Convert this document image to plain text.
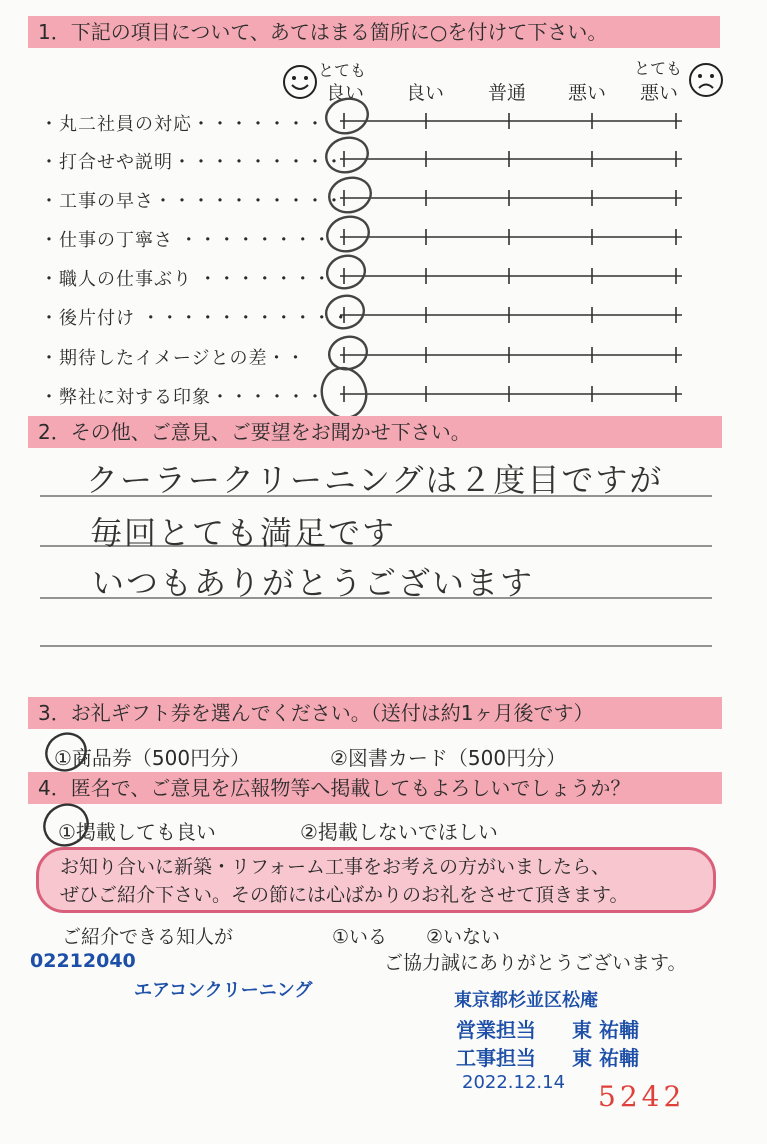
1．下記の項目について、あてはまる箇所に○を付けて下さい。
とても
良い 良い 普通 悪い
とても
悪い
・丸二社員の対応・・・・・・・
・打合せや説明・・・・・・・・・
・工事の早さ・・・・・・・・・・
・仕事の丁寧さ ・・・・・・・・
・職人の仕事ぶり ・・・・・・・
・後片付け ・・・・・・・・・・・
・期待したイメージとの差・・
・弊社に対する印象・・・・・・
2．その他、ご意見、ご要望をお聞かせ下さい。
クーラークリーニングは２度目ですが
毎回とても満足です
いつもありがとうございます
3．お礼ギフト券を選んでください。（送付は約1ヶ月後です）
①商品券（500円分）	②図書カード（500円分）
4．匿名で、ご意見を広報物等へ掲載してもよろしいでしょうか？
①掲載しても良い	②掲載しないでほしい
お知り合いに新築・リフォーム工事をお考えの方がいましたら、
ぜひご紹介下さい。その節には心ばかりのお礼をさせて頂きます。
ご紹介できる知人が	①いる ②いない
ご協力誠にありがとうございます。
02212040
エアコンクリーニング	東京都杉並区松庵
営業担当 東 祐輔
工事担当 東 祐輔
2022.12.14 5242
